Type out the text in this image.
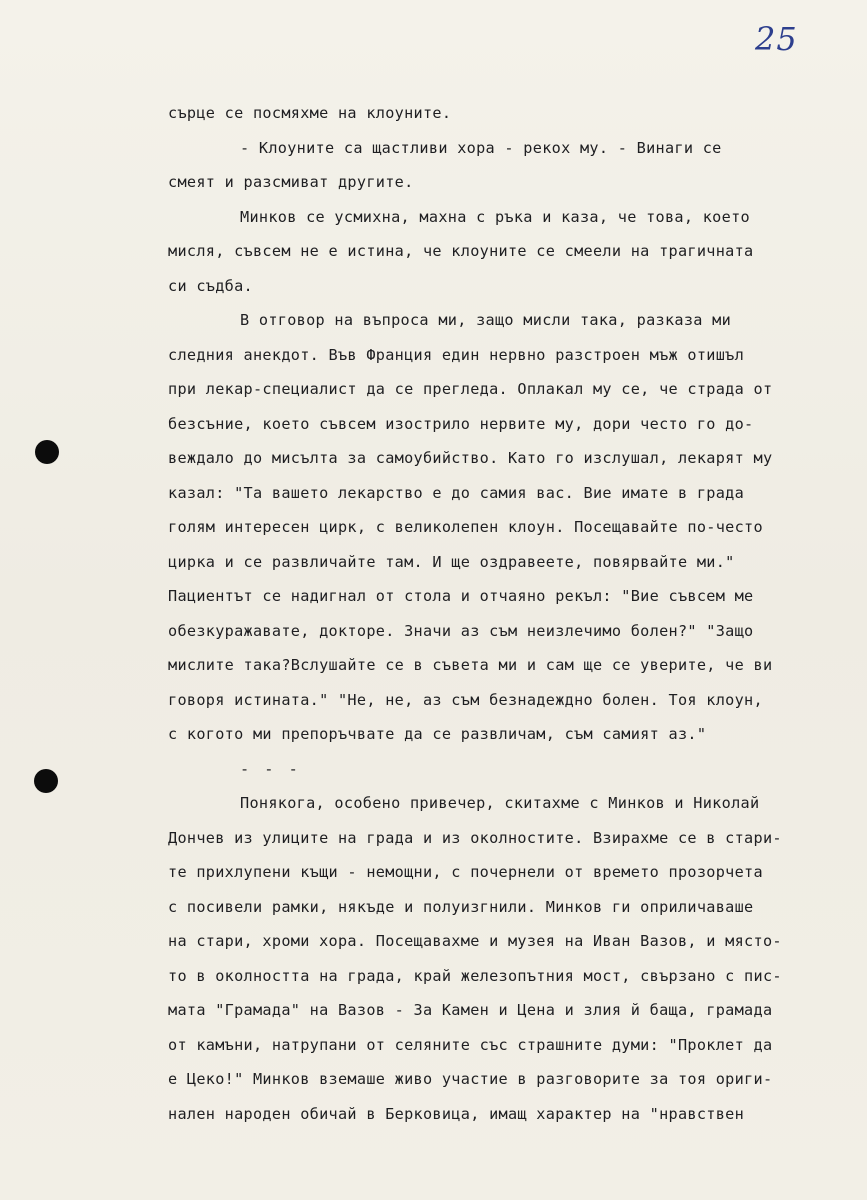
25
сърце се посмяхме на клоуните.
- Клоуните са щастливи хора - рекох му. - Винаги се
смеят и разсмиват другите.
Минков се усмихна, махна с ръка и каза, че това, което
мисля, съвсем не е истина, че клоуните се смеели на трагичната
си съдба.
В отговор на въпроса ми, защо мисли така, разказа ми
следния анекдот. Във Франция един нервно разстроен мъж отишъл
при лекар-специалист да се прегледа. Оплакал му се, че страда от
безсъние, което съвсем изострило нервите му, дори често го до-
веждало до мисълта за самоубийство. Като го изслушал, лекарят му
казал: "Та вашето лекарство е до самия вас. Вие имате в града
голям интересен цирк, с великолепен клоун. Посещавайте по-често
цирка и се развличайте там. И ще оздравеете, повярвайте ми."
Пациентът се надигнал от стола и отчаяно рекъл: "Вие съвсем ме
обезкуражавате, докторе. Значи аз съм неизлечимо болен?" "Защо
мислите така?Вслушайте се в съвета ми и сам ще се уверите, че ви
говоря истината." "Не, не, аз съм безнадеждно болен. Тоя клоун,
с когото ми препоръчвате да се развличам, съм самият аз."
- - -
Понякога, особено привечер, скитахме с Минков и Николай
Дончев из улиците на града и из околностите. Взирахме се в стари-
те прихлупени къщи - немощни, с почернели от времето прозорчета
с посивели рамки, някъде и полуизгнили. Минков ги оприличаваше
на стари, хроми хора. Посещавахме и музея на Иван Вазов, и място-
то в околността на града, край железопътния мост, свързано с пис-
мата "Грамада" на Вазов - За Камен и Цена и злия й баща, грамада
от камъни, натрупани от селяните със страшните думи: "Проклет да
е Цеко!" Минков вземаше живо участие в разговорите за тоя ориги-
нален народен обичай в Берковица, имащ характер на "нравствен
